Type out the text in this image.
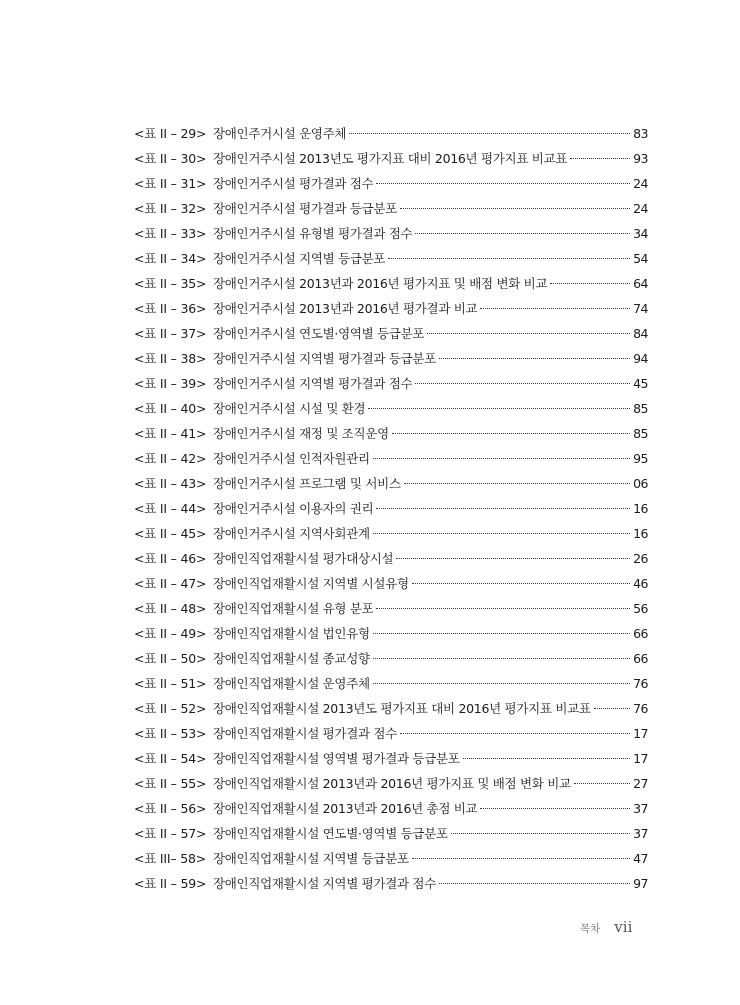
<표 II – 29> 장애인주거시설 운영주체	83
<표 II – 30> 장애인거주시설 2013년도 평가지표 대비 2016년 평가지표 비교표	93
<표 II – 31> 장애인거주시설 평가결과 점수	24
<표 II – 32> 장애인거주시설 평가결과 등급분포	24
<표 II – 33> 장애인거주시설 유형별 평가결과 점수	34
<표 II – 34> 장애인거주시설 지역별 등급분포	54
<표 II – 35> 장애인거주시설 2013년과 2016년 평가지표 및 배점 변화 비교	64
<표 II – 36> 장애인거주시설 2013년과 2016년 평가결과 비교	74
<표 II – 37> 장애인거주시설 연도별·영역별 등급분포	84
<표 II – 38> 장애인거주시설 지역별 평가결과 등급분포	94
<표 II – 39> 장애인거주시설 지역별 평가결과 점수	45
<표 II – 40> 장애인거주시설 시설 및 환경	85
<표 II – 41> 장애인거주시설 재정 및 조직운영	85
<표 II – 42> 장애인거주시설 인적자원관리	95
<표 II – 43> 장애인거주시설 프로그램 및 서비스	06
<표 II – 44> 장애인거주시설 이용자의 권리	16
<표 II – 45> 장애인거주시설 지역사회관계	16
<표 II – 46> 장애인직업재활시설 평가대상시설	26
<표 II – 47> 장애인직업재활시설 지역별 시설유형	46
<표 II – 48> 장애인직업재활시설 유형 분포	56
<표 II – 49> 장애인직업재활시설 법인유형	66
<표 II – 50> 장애인직업재활시설 종교성향	66
<표 II – 51> 장애인직업재활시설 운영주체	76
<표 II – 52> 장애인직업재활시설 2013년도 평가지표 대비 2016년 평가지표 비교표	76
<표 II – 53> 장애인직업재활시설 평가결과 점수	17
<표 II – 54> 장애인직업재활시설 영역별 평가결과 등급분포	17
<표 II – 55> 장애인직업재활시설 2013년과 2016년 평가지표 및 배점 변화 비교	27
<표 II – 56> 장애인직업재활시설 2013년과 2016년 총점 비교	37
<표 II – 57> 장애인직업재활시설 연도별·영역별 등급분포	37
<표 III– 58> 장애인직업재활시설 지역별 등급분포	47
<표 II – 59> 장애인직업재활시설 지역별 평가결과 점수	97
목차 vii
